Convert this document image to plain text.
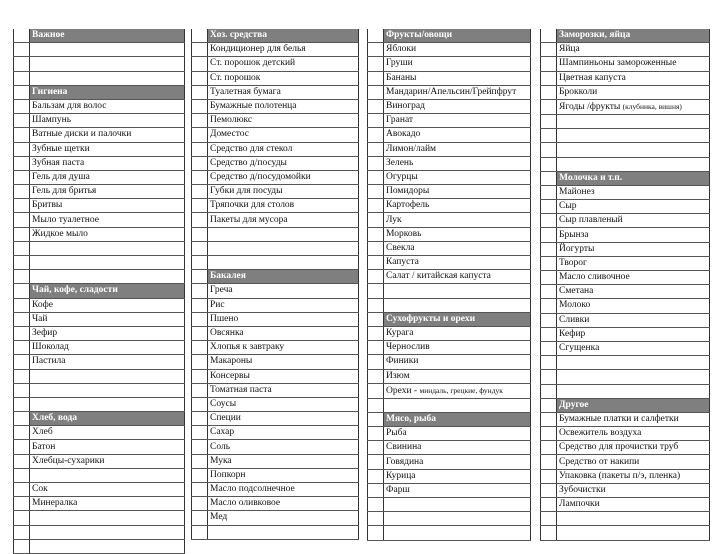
	Важное

	Гигиена
	Бальзам для волос
	Шампунь
	Ватные диски и палочки
	Зубные щетки
	Зубная паста
	Гель для душа
	Гель для бритья
	Бритвы
	Мыло туалетное
	Жидкое мыло

	Чай, кофе, сладости
	Кофе
	Чай
	Зефир
	Шоколад
	Пастила

	Хлеб, вода
	Хлеб
	Батон
	Хлебцы-сухарики

	Сок
	Минералка

	Хоз. средства
	Кондиционер для белья
	Ст. порошок детский
	Ст. порошок
	Туалетная бумага
	Бумажные полотенца
	Пемолюкс
	Доместос
	Средство для стекол
	Средство д/посуды
	Средство д/посудомойки
	Губки для посуды
	Тряпочки для столов
	Пакеты для мусора

	Бакалея
	Греча
	Рис
	Пшено
	Овсянка
	Хлопья к завтраку
	Макароны
	Консервы
	Томатная паста
	Соусы
	Специи
	Сахар
	Соль
	Мука
	Попкорн
	Масло подсолнечное
	Масло оливковое
	Мед

	Фрукты/овощи
	Яблоки
	Груши
	Бананы
	Мандарин/Апельсин/Грейпфрут
	Виноград
	Гранат
	Авокадо
	Лимон/лайм
	Зелень
	Огурцы
	Помидоры
	Картофель
	Лук
	Морковь
	Свекла
	Капуста
	Салат / китайская капуста

	Сухофрукты и орехи
	Курага
	Чернослив
	Финики
	Изюм
	Орехи - миндаль, грецкие, фундук

	Мясо, рыба
	Рыба
	Свинина
	Говядина
	Курица
	Фарш

	Заморозки, яйца
	Яйца
	Шампиньоны замороженные
	Цветная капуста
	Брокколи
	Ягоды /фрукты (клубника, вишня)

	Молочка и т.п.
	Майонез
	Сыр
	Сыр плавленый
	Брынза
	Йогурты
	Творог
	Масло сливочное
	Сметана
	Молоко
	Сливки
	Кефир
	Сгущенка

	Другое
	Бумажные платки и салфетки
	Освежитель воздуха
	Средство для прочистки труб
	Средство от накипи
	Упаковка (пакеты п/э, пленка)
	Зубочистки
	Лампочки
